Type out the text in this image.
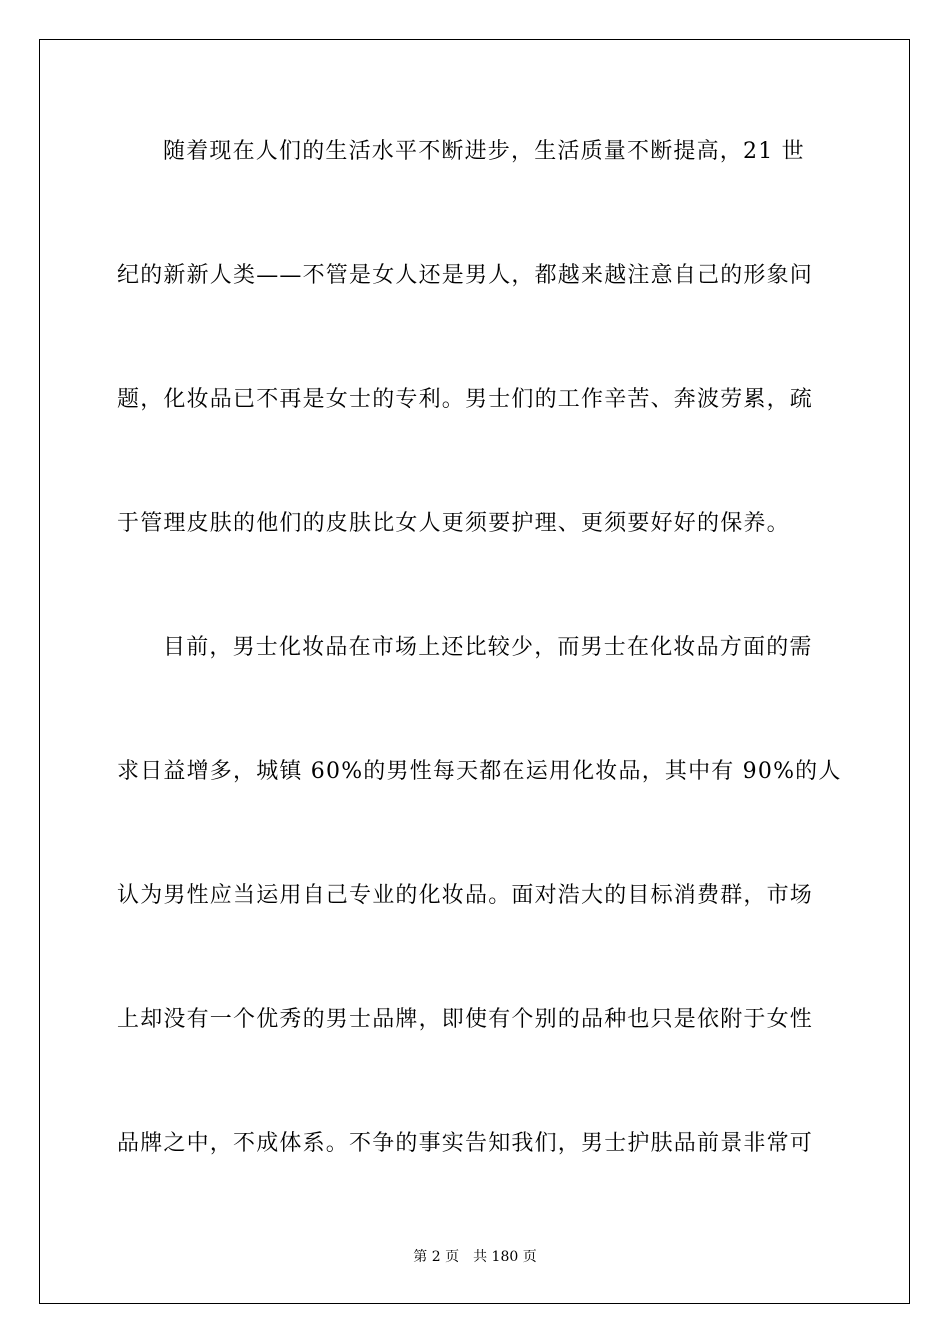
随着现在人们的生活水平不断进步，生活质量不断提高，21 世
纪的新新人类——不管是女人还是男人，都越来越注意自己的形象问
题，化妆品已不再是女士的专利。男士们的工作辛苦、奔波劳累，疏
于管理皮肤的他们的皮肤比女人更须要护理、更须要好好的保养。
目前，男士化妆品在市场上还比较少，而男士在化妆品方面的需
求日益增多，城镇 60%的男性每天都在运用化妆品，其中有 90%的人
认为男性应当运用自己专业的化妆品。面对浩大的目标消费群，市场
上却没有一个优秀的男士品牌，即使有个别的品种也只是依附于女性
品牌之中，不成体系。不争的事实告知我们，男士护肤品前景非常可
第 2 页 共 180 页
